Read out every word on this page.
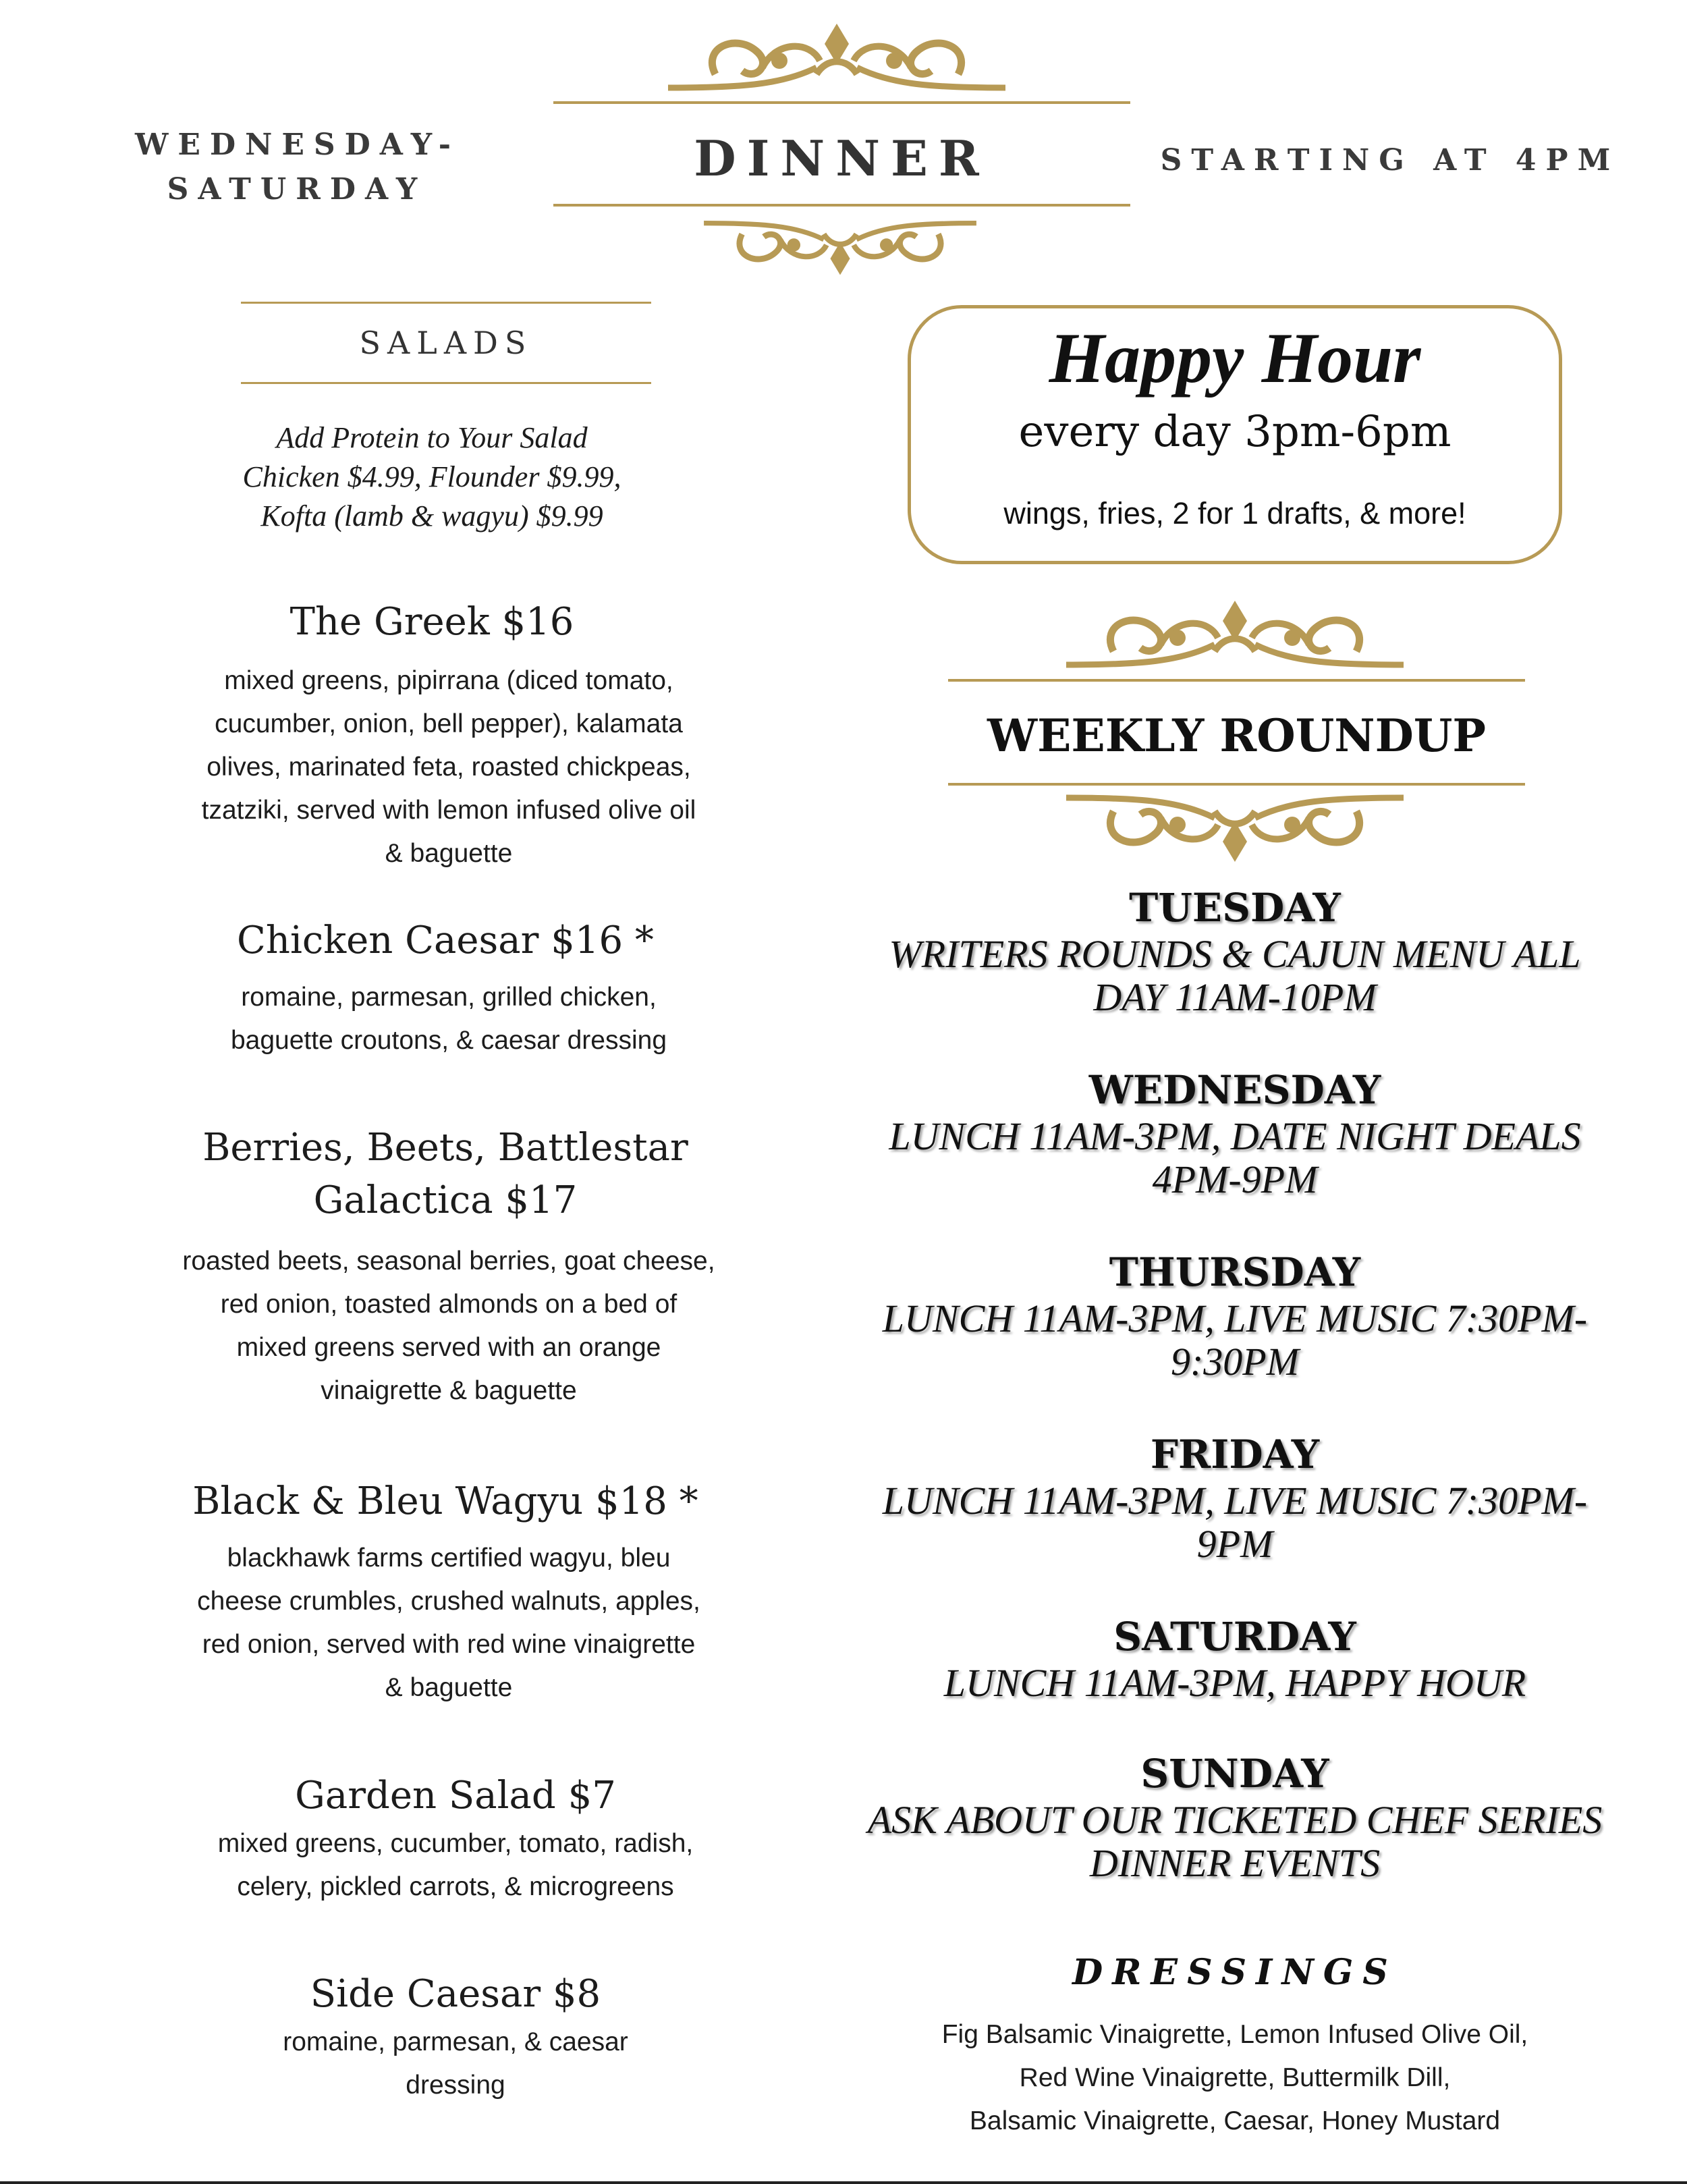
WEDNESDAY-
SATURDAY
DINNER	STARTING AT 4PM
SALADS
Add Protein to Your Salad
Chicken $4.99, Flounder $9.99,
Kofta (lamb & wagyu) $9.99
The Greek $16
mixed greens, pipirrana (diced tomato,
cucumber, onion, bell pepper), kalamata
olives, marinated feta, roasted chickpeas,
tzatziki, served with lemon infused olive oil
& baguette
Chicken Caesar $16 *
romaine, parmesan, grilled chicken,
baguette croutons, & caesar dressing
Berries, Beets, Battlestar
Galactica $17
roasted beets, seasonal berries, goat cheese,
red onion, toasted almonds on a bed of
mixed greens served with an orange
vinaigrette & baguette
Black & Bleu Wagyu $18 *
blackhawk farms certified wagyu, bleu
cheese crumbles, crushed walnuts, apples,
red onion, served with red wine vinaigrette
& baguette
Garden Salad $7
mixed greens, cucumber, tomato, radish,
celery, pickled carrots, & microgreens
Side Caesar $8
romaine, parmesan, & caesar
dressing
Happy Hour
every day 3pm-6pm
wings, fries, 2 for 1 drafts, & more!
WEEKLY ROUNDUP
TUESDAY
WRITERS ROUNDS & CAJUN MENU ALL
DAY 11AM-10PM
WEDNESDAY
LUNCH 11AM-3PM, DATE NIGHT DEALS
4PM-9PM
THURSDAY
LUNCH 11AM-3PM, LIVE MUSIC 7:30PM-
9:30PM
FRIDAY
LUNCH 11AM-3PM, LIVE MUSIC 7:30PM-
9PM
SATURDAY
LUNCH 11AM-3PM, HAPPY HOUR
SUNDAY
ASK ABOUT OUR TICKETED CHEF SERIES
DINNER EVENTS
DRESSINGS
Fig Balsamic Vinaigrette, Lemon Infused Olive Oil,
Red Wine Vinaigrette, Buttermilk Dill,
Balsamic Vinaigrette, Caesar, Honey Mustard
